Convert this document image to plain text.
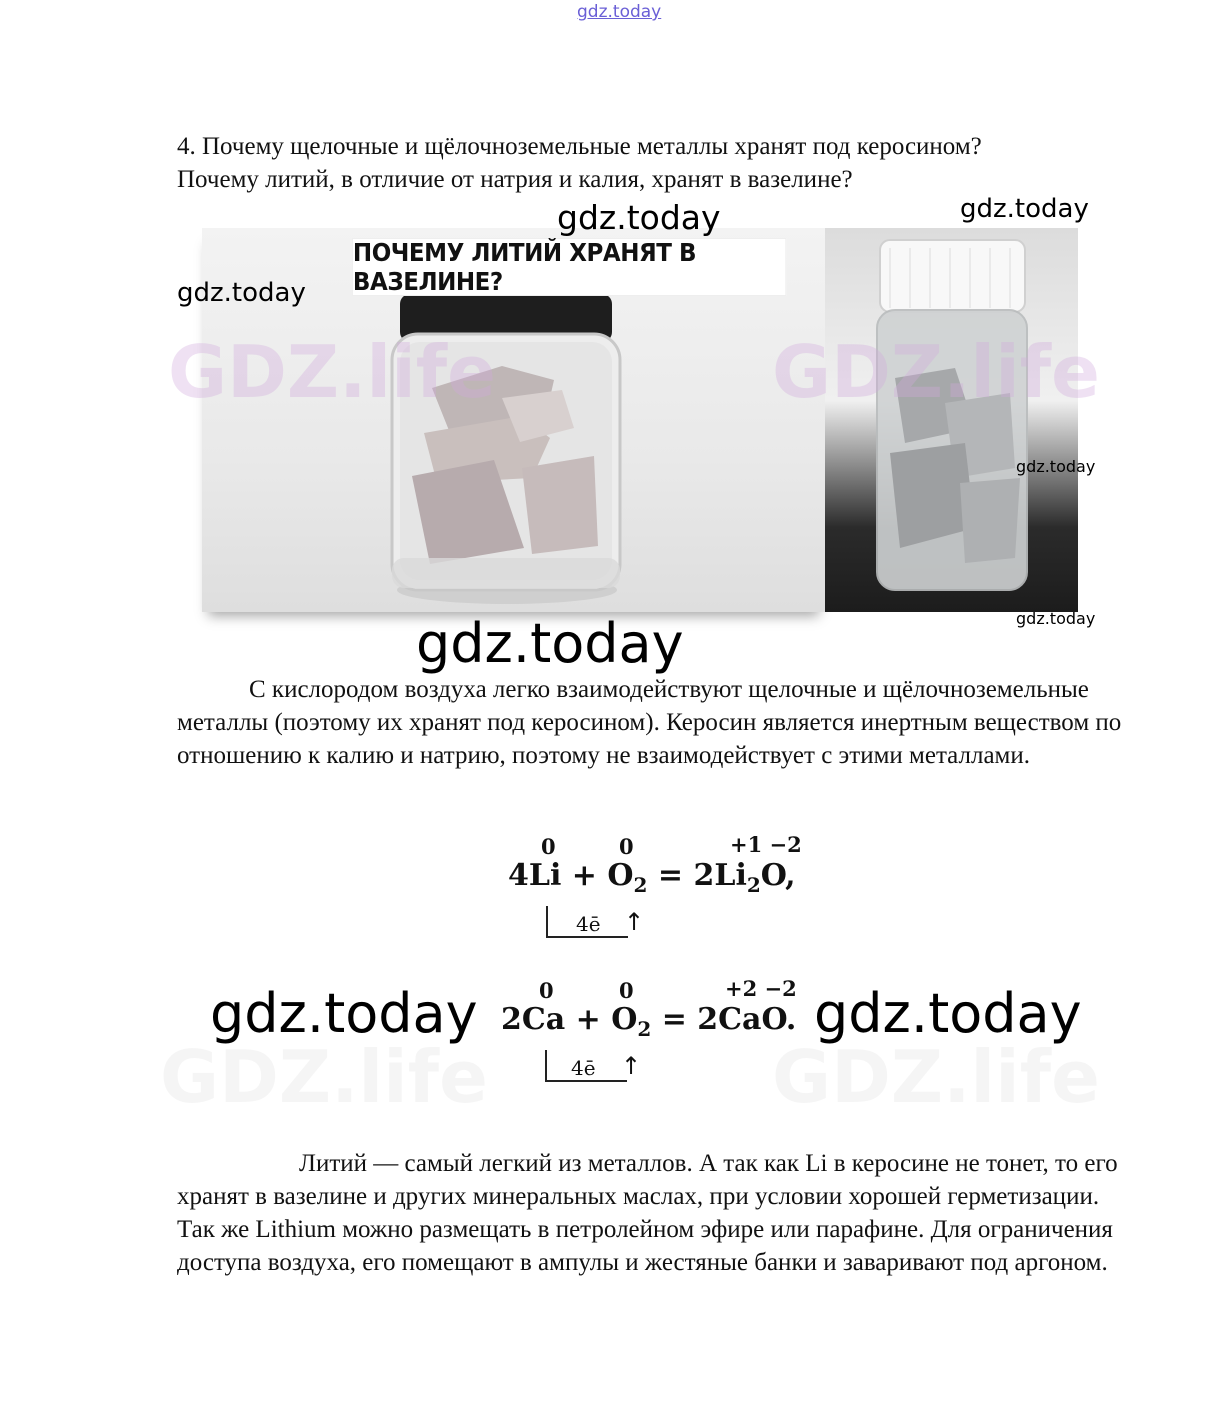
gdz.today
4. Почему щелочные и щёлочноземельные металлы хранят под керосином?
Почему литий, в отличие от натрия и калия, хранят в вазелине?
ПОЧЕМУ ЛИТИЙ ХРАНЯТ В ВАЗЕЛИНЕ?
GDZ.life	GDZ.life
GDZ.life	GDZ.life
gdz.today	gdz.today
gdz.today
gdz.today
gdz.today
gdz.today
С кислородом воздуха легко взаимодействуют щелочные и щёлочноземельные металлы (поэтому их хранят под керосином). Керосин является инертным веществом по отношению к калию и натрию, поэтому не взаимодействует с этими металлами.
0	0	+1 −2
$4Li + O_2 = 2Li_2O$,
4ē ↑
gdz.today	0	0	+2 −2
$2Ca + O_2 = 2CaO$.
4ē ↑
gdz.today
Литий — самый легкий из металлов. А так как Li в керосине не тонет, то его хранят в вазелине и других минеральных маслах, при условии хорошей герметизации. Так же Lithium можно размещать в петролейном эфире или парафине. Для ограничения доступа воздуха, его помещают в ампулы и жестяные банки и заваривают под аргоном.
